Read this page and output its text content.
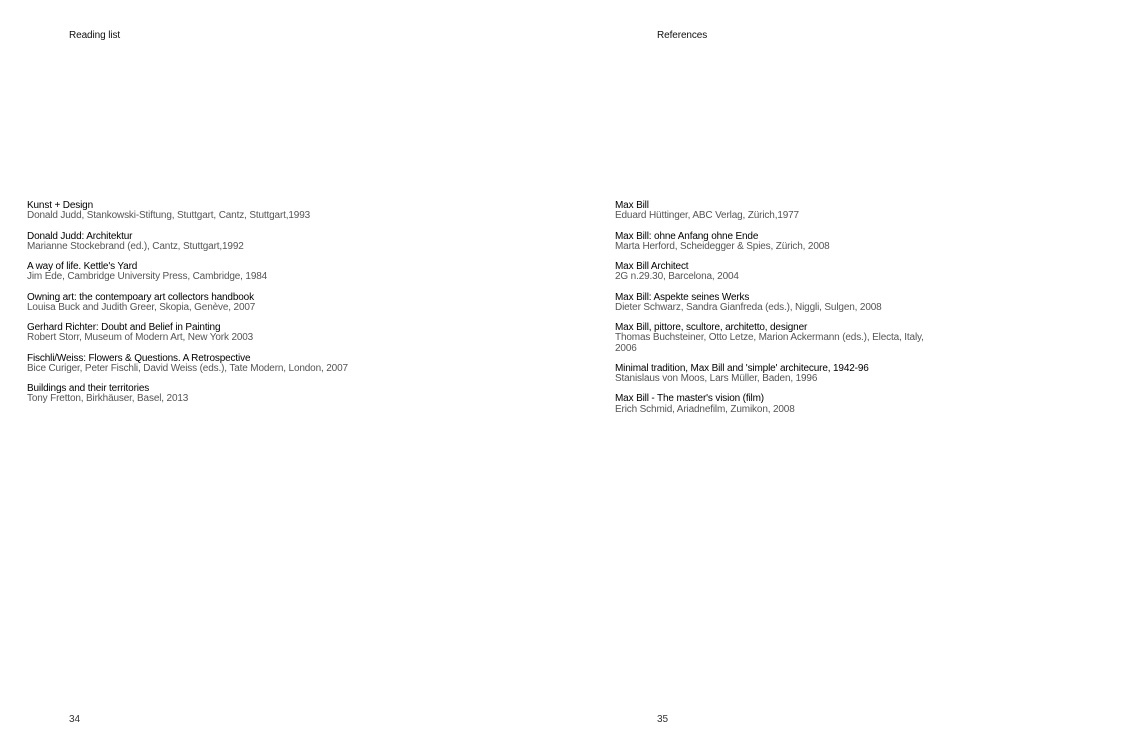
Reading list
Kunst + Design
Donald Judd, Stankowski-Stiftung, Stuttgart, Cantz, Stuttgart,1993
Donald Judd: Architektur
Marianne Stockebrand (ed.), Cantz, Stuttgart,1992
A way of life. Kettle's Yard
Jim Ede, Cambridge University Press, Cambridge, 1984
Owning art: the contempoary art collectors handbook
Louisa Buck and Judith Greer, Skopia, Genève, 2007
Gerhard Richter: Doubt and Belief in Painting
Robert Storr, Museum of Modern Art, New York 2003
Fischli/Weiss: Flowers & Questions. A Retrospective
Bice Curiger, Peter Fischli, David Weiss (eds.), Tate Modern, London, 2007
Buildings and their territories
Tony Fretton, Birkhäuser, Basel, 2013
34
References
Max Bill
Eduard Hüttinger, ABC Verlag, Zürich,1977
Max Bill: ohne Anfang ohne Ende
Marta Herford, Scheidegger & Spies, Zürich, 2008
Max Bill Architect
2G n.29.30, Barcelona, 2004
Max Bill: Aspekte seines Werks
Dieter Schwarz, Sandra Gianfreda (eds.), Niggli, Sulgen, 2008
Max Bill, pittore, scultore, architetto, designer
Thomas Buchsteiner, Otto Letze, Marion Ackermann (eds.), Electa, Italy, 2006
Minimal tradition, Max Bill and 'simple' architecure, 1942-96
Stanislaus von Moos, Lars Müller, Baden, 1996
Max Bill - The master's vision (film)
Erich Schmid, Ariadnefilm, Zumikon, 2008
35
